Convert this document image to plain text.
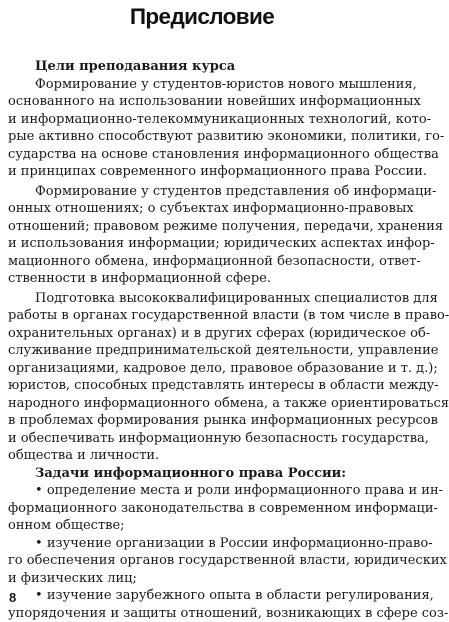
Предисловие
Цели преподавания курса
Формирование у студентов-юристов нового мышления,
основанного на использовании новейших информационных
и информационно-телекоммуникационных технологий, кото-
рые активно способствуют развитию экономики, политики, го-
сударства на основе становления информационного общества
и принципах современного информационного права России.
Формирование у студентов представления об информаци-
онных отношениях; о субъектах информационно-правовых
отношений; правовом режиме получения, передачи, хранения
и использования информации; юридических аспектах инфор-
мационного обмена, информационной безопасности, ответ-
ственности в информационной сфере.
Подготовка высококвалифицированных специалистов для
работы в органах государственной власти (в том числе в право-
охранительных органах) и в других сферах (юридическое об-
служивание предпринимательской деятельности, управление
организациями, кадровое дело, правовое образование и т. д.);
юристов, способных представлять интересы в области между-
народного информационного обмена, а также ориентироваться
в проблемах формирования рынка информационных ресурсов
и обеспечивать информационную безопасность государства,
общества и личности.
Задачи информационного права России:
• определение места и роли информационного права и ин-
формационного законодательства в современном информаци-
онном обществе;
• изучение организации в России информационно-право-
го обеспечения органов государственной власти, юридических
и физических лиц;
• изучение зарубежного опыта в области регулирования,
упорядочения и защиты отношений, возникающих в сфере соз-
8
